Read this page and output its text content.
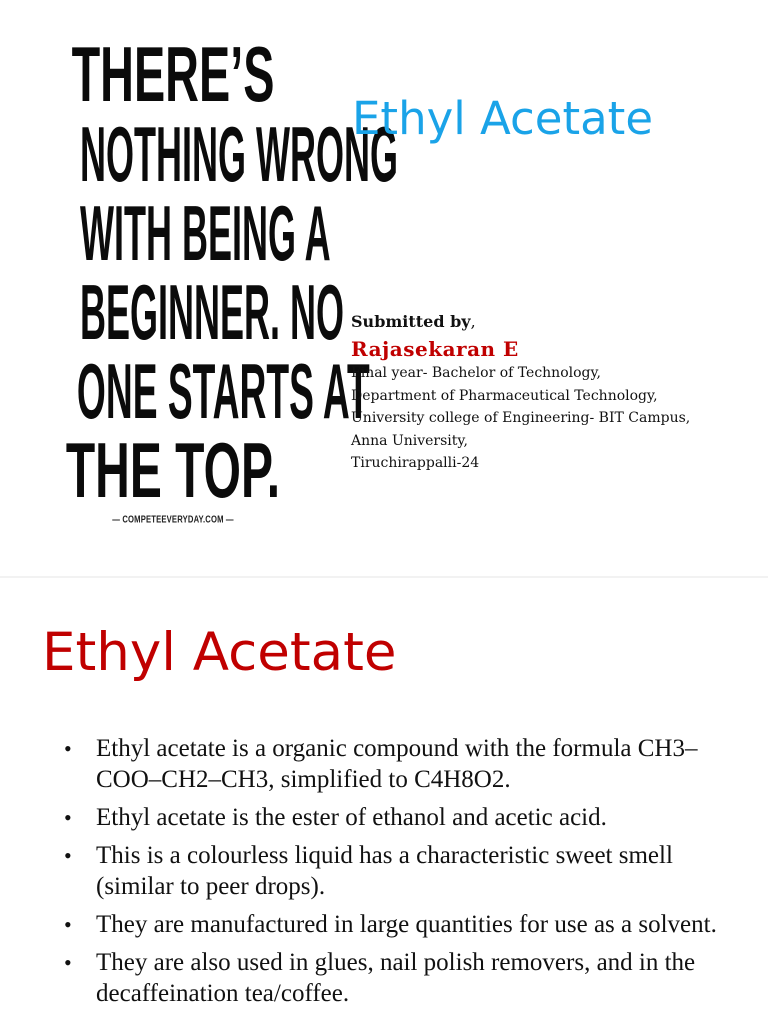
THERE’S
NOTHING WRONG
WITH BEING A
BEGINNER. NO
ONE STARTS AT
THE TOP.
— COMPETEEVERYDAY.COM —
Ethyl Acetate
Submitted by,
Rajasekaran E
Final year- Bachelor of Technology,
Department of Pharmaceutical Technology,
University college of Engineering- BIT Campus,
Anna University,
Tiruchirappalli-24
Ethyl Acetate
• Ethyl acetate is a organic compound with the formula CH3–COO–CH2–CH3, simplified to C4H8O2.
• Ethyl acetate is the ester of ethanol and acetic acid.
• This is a colourless liquid has a characteristic sweet smell (similar to peer drops).
• They are manufactured in large quantities for use as a solvent.
• They are also used in glues, nail polish removers, and in the decaffeination tea/coffee.
